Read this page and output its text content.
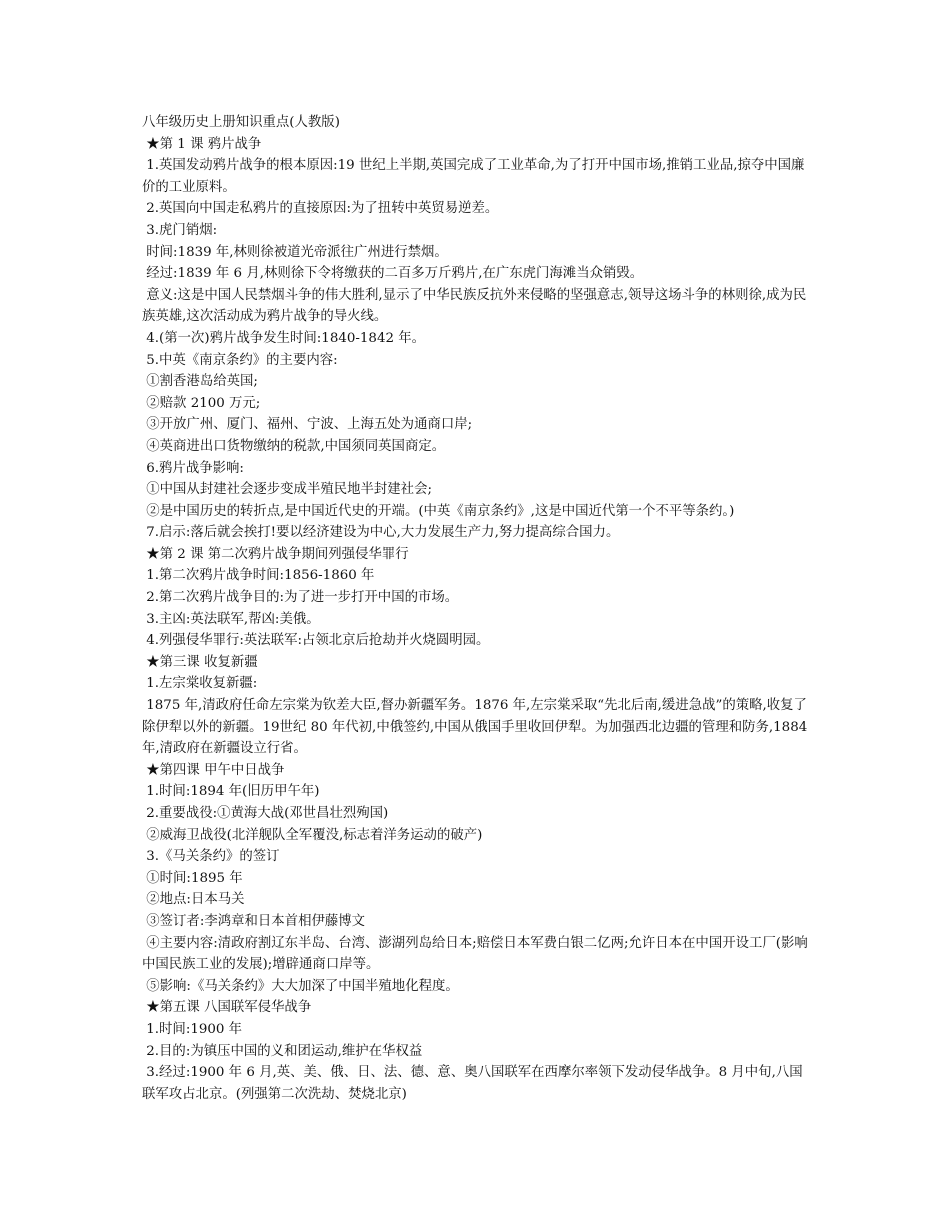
八年级历史上册知识重点(人教版)
★第 1 课 鸦片战争
1.英国发动鸦片战争的根本原因:19 世纪上半期,英国完成了工业革命,为了打开中国市场,推销工业品,掠夺中国廉价的工业原料。
2.英国向中国走私鸦片的直接原因:为了扭转中英贸易逆差。
3.虎门销烟:
时间:1839 年,林则徐被道光帝派往广州进行禁烟。
经过:1839 年 6 月,林则徐下令将缴获的二百多万斤鸦片,在广东虎门海滩当众销毁。
意义:这是中国人民禁烟斗争的伟大胜利,显示了中华民族反抗外来侵略的坚强意志,领导这场斗争的林则徐,成为民族英雄,这次活动成为鸦片战争的导火线。
4.(第一次)鸦片战争发生时间:1840-1842 年。
5.中英《南京条约》的主要内容:
①割香港岛给英国;
②赔款 2100 万元;
③开放广州、厦门、福州、宁波、上海五处为通商口岸;
④英商进出口货物缴纳的税款,中国须同英国商定。
6.鸦片战争影响:
①中国从封建社会逐步变成半殖民地半封建社会;
②是中国历史的转折点,是中国近代史的开端。(中英《南京条约》,这是中国近代第一个不平等条约。)
7.启示:落后就会挨打!要以经济建设为中心,大力发展生产力,努力提高综合国力。
★第 2 课 第二次鸦片战争期间列强侵华罪行
1.第二次鸦片战争时间:1856-1860 年
2.第二次鸦片战争目的:为了进一步打开中国的市场。
3.主凶:英法联军,帮凶:美俄。
4.列强侵华罪行:英法联军:占领北京后抢劫并火烧圆明园。
★第三课 收复新疆
1.左宗棠收复新疆:
1875 年,清政府任命左宗棠为钦差大臣,督办新疆军务。1876 年,左宗棠采取“先北后南,缓进急战”的策略,收复了除伊犁以外的新疆。19世纪 80 年代初,中俄签约,中国从俄国手里收回伊犁。为加强西北边疆的管理和防务,1884 年,清政府在新疆设立行省。
★第四课 甲午中日战争
1.时间:1894 年(旧历甲午年)
2.重要战役:①黄海大战(邓世昌壮烈殉国)
②威海卫战役(北洋舰队全军覆没,标志着洋务运动的破产)
3.《马关条约》的签订
①时间:1895 年
②地点:日本马关
③签订者:李鸿章和日本首相伊藤博文
④主要内容:清政府割辽东半岛、台湾、澎湖列岛给日本;赔偿日本军费白银二亿两;允许日本在中国开设工厂(影响中国民族工业的发展);增辟通商口岸等。
⑤影响:《马关条约》大大加深了中国半殖地化程度。
★第五课 八国联军侵华战争
1.时间:1900 年
2.目的:为镇压中国的义和团运动,维护在华权益
3.经过:1900 年 6 月,英、美、俄、日、法、德、意、奥八国联军在西摩尔率领下发动侵华战争。8 月中旬,八国联军攻占北京。(列强第二次洗劫、焚烧北京)
